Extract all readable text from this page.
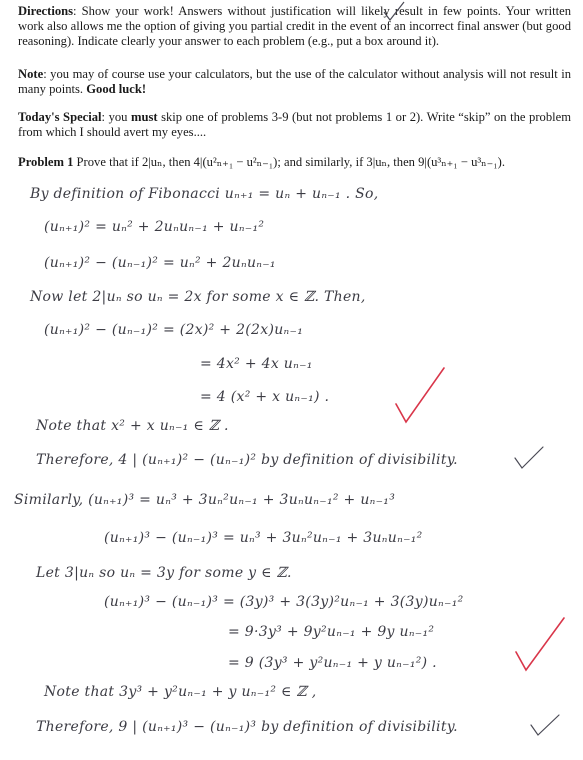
Directions: Show your work! Answers without justification will likely result in few points. Your written work also allows me the option of giving you partial credit in the event of an incorrect final answer (but good reasoning). Indicate clearly your answer to each problem (e.g., put a box around it).
Note: you may of course use your calculators, but the use of the calculator without analysis will not result in many points. Good luck!
Today's Special: you must skip one of problems 3-9 (but not problems 1 or 2). Write “skip” on the problem from which I should avert my eyes....
Problem 1 Prove that if 2|uₙ, then 4|(u²ₙ₊₁ − u²ₙ₋₁); and similarly, if 3|uₙ, then 9|(u³ₙ₊₁ − u³ₙ₋₁).
By definition of Fibonacci uₙ₊₁ = uₙ + uₙ₋₁ . So,
(uₙ₊₁)² = uₙ² + 2uₙuₙ₋₁ + uₙ₋₁²
(uₙ₊₁)² − (uₙ₋₁)² = uₙ² + 2uₙuₙ₋₁
Now let 2|uₙ so uₙ = 2x for some x ∈ ℤ. Then,
(uₙ₊₁)² − (uₙ₋₁)² = (2x)² + 2(2x)uₙ₋₁
= 4x² + 4x uₙ₋₁
= 4 (x² + x uₙ₋₁) .
Note that x² + x uₙ₋₁ ∈ ℤ .
Therefore, 4 | (uₙ₊₁)² − (uₙ₋₁)² by definition of divisibility.
Similarly, (uₙ₊₁)³ = uₙ³ + 3uₙ²uₙ₋₁ + 3uₙuₙ₋₁² + uₙ₋₁³
(uₙ₊₁)³ − (uₙ₋₁)³ = uₙ³ + 3uₙ²uₙ₋₁ + 3uₙuₙ₋₁²
Let 3|uₙ so uₙ = 3y for some y ∈ ℤ.
(uₙ₊₁)³ − (uₙ₋₁)³ = (3y)³ + 3(3y)²uₙ₋₁ + 3(3y)uₙ₋₁²
= 9·3y³ + 9y²uₙ₋₁ + 9y uₙ₋₁²
= 9 (3y³ + y²uₙ₋₁ + y uₙ₋₁²) .
Note that 3y³ + y²uₙ₋₁ + y uₙ₋₁² ∈ ℤ ,
Therefore, 9 | (uₙ₊₁)³ − (uₙ₋₁)³ by definition of divisibility.
